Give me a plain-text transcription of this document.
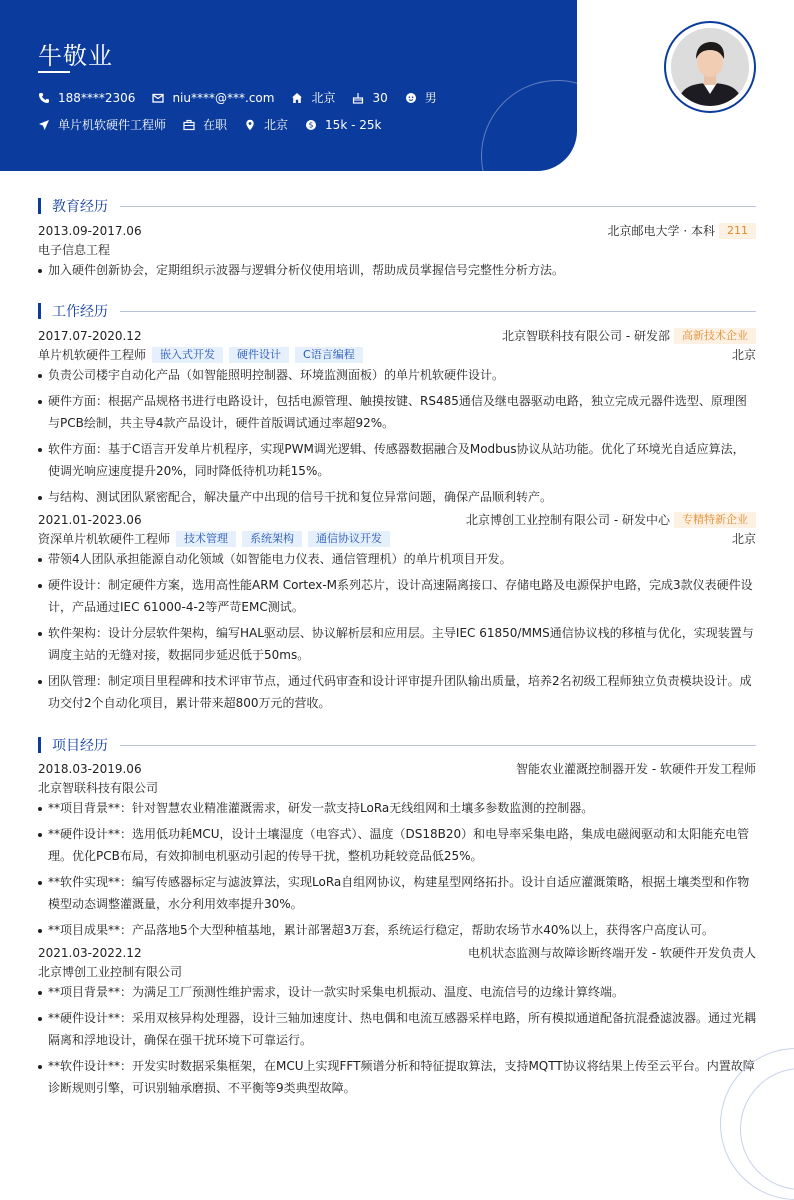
牛敬业
188****2306	niu****@***.com	北京	30	男
单片机软硬件工程师	在职	北京	$ 15k - 25k
教育经历
2013.09-2017.06	北京邮电大学 · 本科	211
电子信息工程
加入硬件创新协会，定期组织示波器与逻辑分析仪使用培训，帮助成员掌握信号完整性分析方法。
工作经历
2017.07-2020.12	北京智联科技有限公司 - 研发部	高新技术企业
单片机软硬件工程师	嵌入式开发	硬件设计	C语言编程	北京
负责公司楼宇自动化产品（如智能照明控制器、环境监测面板）的单片机软硬件设计。
硬件方面：根据产品规格书进行电路设计，包括电源管理、触摸按键、RS485通信及继电器驱动电路，独立完成元器件选型、原理图与PCB绘制，共主导4款产品设计，硬件首版调试通过率超92%。
软件方面：基于C语言开发单片机程序，实现PWM调光逻辑、传感器数据融合及Modbus协议从站功能。优化了环境光自适应算法，使调光响应速度提升20%，同时降低待机功耗15%。
与结构、测试团队紧密配合，解决量产中出现的信号干扰和复位异常问题，确保产品顺利转产。
2021.01-2023.06	北京博创工业控制有限公司 - 研发中心	专精特新企业
资深单片机软硬件工程师	技术管理	系统架构	通信协议开发	北京
带领4人团队承担能源自动化领域（如智能电力仪表、通信管理机）的单片机项目开发。
硬件设计：制定硬件方案，选用高性能ARM Cortex-M系列芯片，设计高速隔离接口、存储电路及电源保护电路，完成3款仪表硬件设计，产品通过IEC 61000-4-2等严苛EMC测试。
软件架构：设计分层软件架构，编写HAL驱动层、协议解析层和应用层。主导IEC 61850/MMS通信协议栈的移植与优化，实现装置与调度主站的无缝对接，数据同步延迟低于50ms。
团队管理：制定项目里程碑和技术评审节点，通过代码审查和设计评审提升团队输出质量，培养2名初级工程师独立负责模块设计。成功交付2个自动化项目，累计带来超800万元的营收。
项目经历
2018.03-2019.06	智能农业灌溉控制器开发 - 软硬件开发工程师
北京智联科技有限公司
**项目背景**：针对智慧农业精准灌溉需求，研发一款支持LoRa无线组网和土壤多参数监测的控制器。
**硬件设计**：选用低功耗MCU，设计土壤湿度（电容式）、温度（DS18B20）和电导率采集电路，集成电磁阀驱动和太阳能充电管理。优化PCB布局，有效抑制电机驱动引起的传导干扰，整机功耗较竞品低25%。
**软件实现**：编写传感器标定与滤波算法，实现LoRa自组网协议，构建星型网络拓扑。设计自适应灌溉策略，根据土壤类型和作物模型动态调整灌溉量，水分利用效率提升30%。
**项目成果**：产品落地5个大型种植基地，累计部署超3万套，系统运行稳定，帮助农场节水40%以上，获得客户高度认可。
2021.03-2022.12	电机状态监测与故障诊断终端开发 - 软硬件开发负责人
北京博创工业控制有限公司
**项目背景**：为满足工厂预测性维护需求，设计一款实时采集电机振动、温度、电流信号的边缘计算终端。
**硬件设计**：采用双核异构处理器，设计三轴加速度计、热电偶和电流互感器采样电路，所有模拟通道配备抗混叠滤波器。通过光耦隔离和浮地设计，确保在强干扰环境下可靠运行。
**软件设计**：开发实时数据采集框架，在MCU上实现FFT频谱分析和特征提取算法，支持MQTT协议将结果上传至云平台。内置故障诊断规则引擎，可识别轴承磨损、不平衡等9类典型故障。
